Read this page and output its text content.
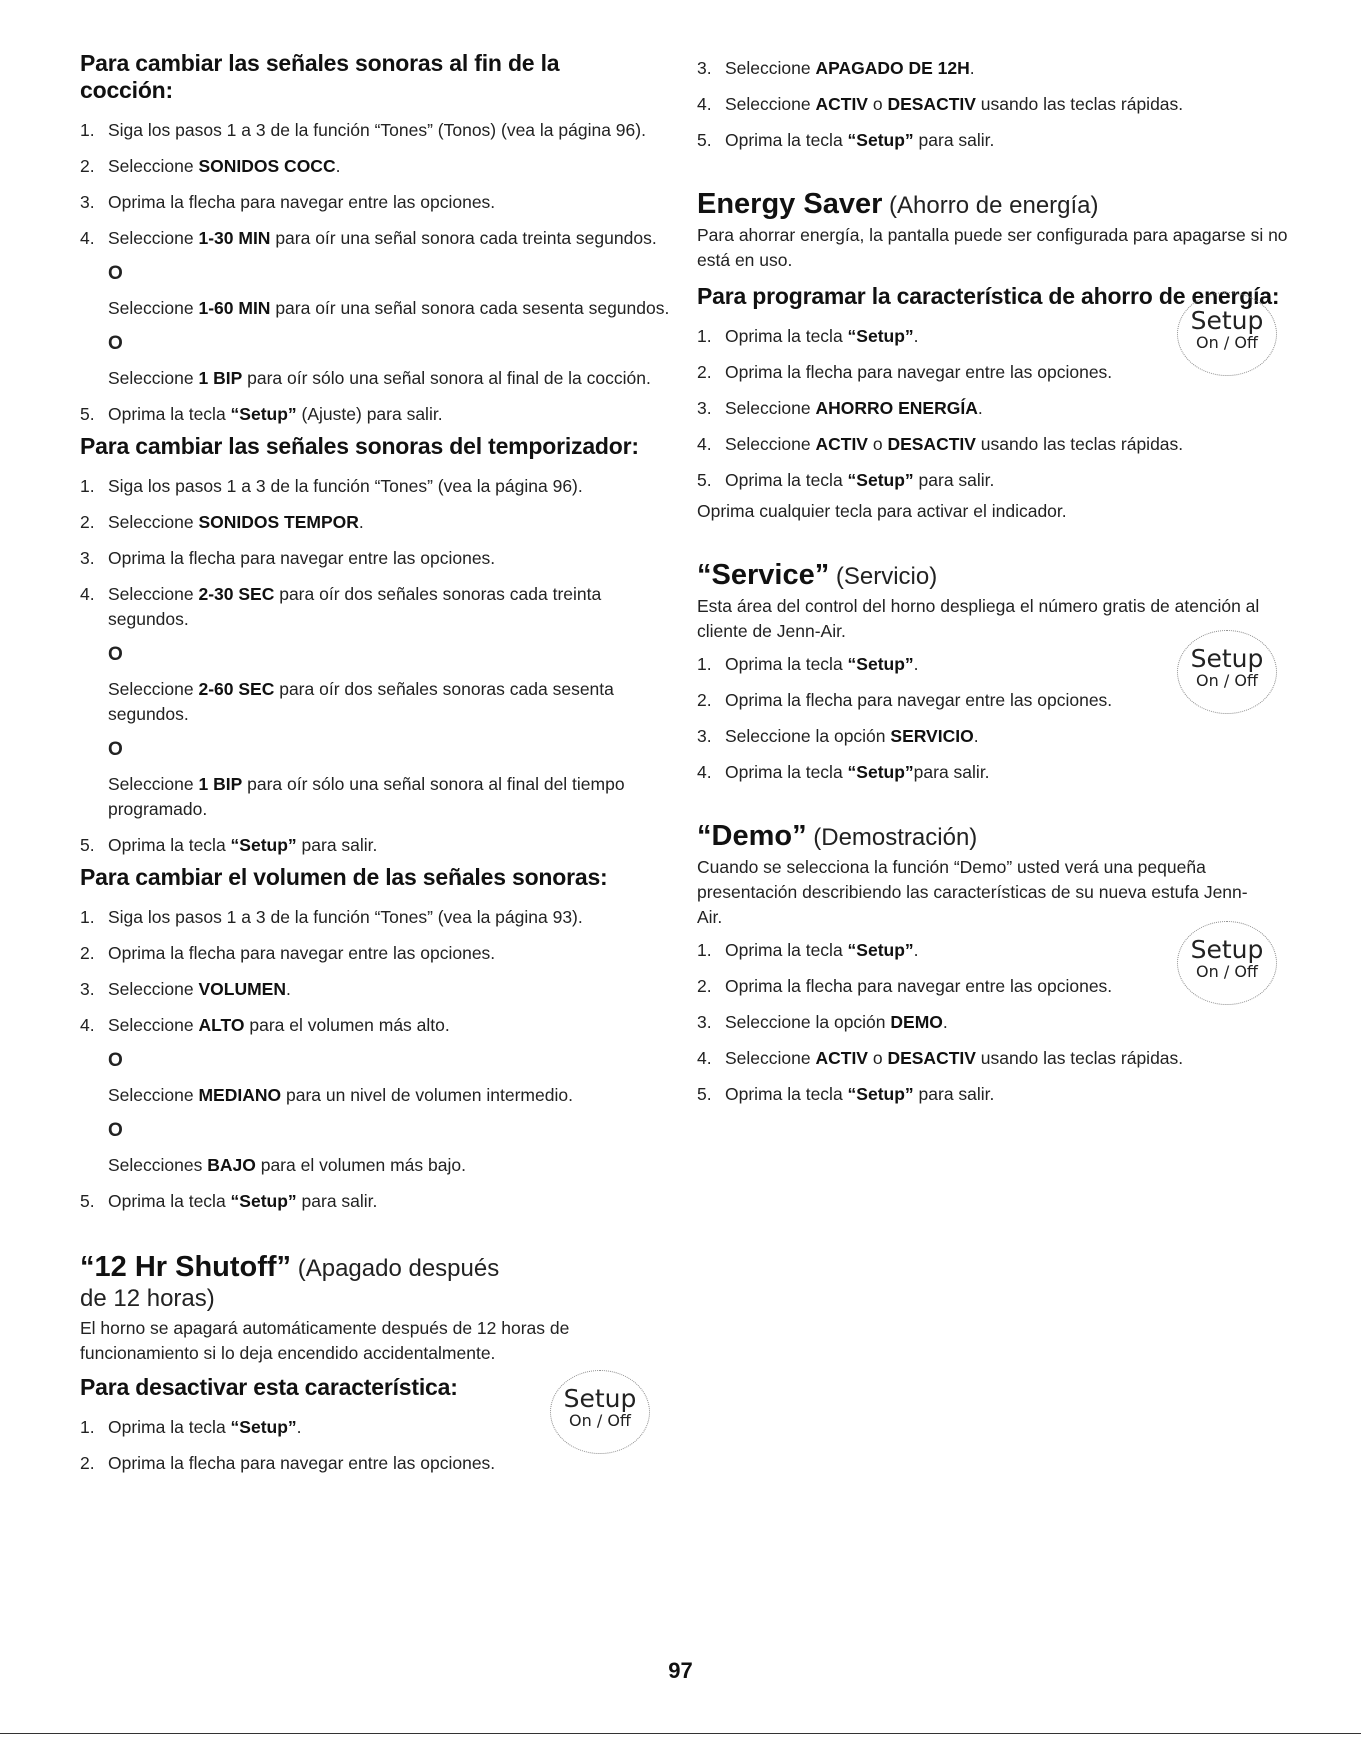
Para cambiar las señales sonoras al fin de la cocción:
1. Siga los pasos 1 a 3 de la función “Tones” (Tonos) (vea la página 96).
2. Seleccione SONIDOS COCC.
3. Oprima la flecha para navegar entre las opciones.
4. Seleccione 1-30 MIN para oír una señal sonora cada treinta segundos.
O
Seleccione 1-60 MIN para oír una señal sonora cada sesenta segundos.
O
Seleccione 1 BIP para oír sólo una señal sonora al final de la cocción.
5. Oprima la tecla “Setup” (Ajuste) para salir.
Para cambiar las señales sonoras del temporizador:
1. Siga los pasos 1 a 3 de la función “Tones” (vea la página 96).
2. Seleccione SONIDOS TEMPOR.
3. Oprima la flecha para navegar entre las opciones.
4. Seleccione 2-30 SEC para oír dos señales sonoras cada treinta segundos.
O
Seleccione 2-60 SEC para oír dos señales sonoras cada sesenta segundos.
O
Seleccione 1 BIP para oír sólo una señal sonora al final del tiempo programado.
5. Oprima la tecla “Setup” para salir.
Para cambiar el volumen de las señales sonoras:
1. Siga los pasos 1 a 3 de la función “Tones” (vea la página 93).
2. Oprima la flecha para navegar entre las opciones.
3. Seleccione VOLUMEN.
4. Seleccione ALTO para el volumen más alto.
O
Seleccione MEDIANO para un nivel de volumen intermedio.
O
Selecciones BAJO para el volumen más bajo.
5. Oprima la tecla “Setup” para salir.
“12 Hr Shutoff” (Apagado después
de 12 horas)

El horno se apagará automáticamente después de 12 horas de funcionamiento si lo deja encendido accidentalmente.

Para desactivar esta característica:
1. Oprima la tecla “Setup”.
2. Oprima la flecha para navegar entre las opciones.
Setup
On / Off
3. Seleccione APAGADO DE 12H.
4. Seleccione ACTIV o DESACTIV usando las teclas rápidas.
5. Oprima la tecla “Setup” para salir.
Energy Saver (Ahorro de energía)

Para ahorrar energía, la pantalla puede ser configurada para apagarse si no está en uso.

Para programar la característica de ahorro de energía:
1. Oprima la tecla “Setup”.
2. Oprima la flecha para navegar entre las opciones.
3. Seleccione AHORRO ENERGÍA.
4. Seleccione ACTIV o DESACTIV usando las teclas rápidas.
5. Oprima la tecla “Setup” para salir.

Oprima cualquier tecla para activar el indicador.

Setup
On / Off
“Service” (Servicio)

Esta área del control del horno despliega el número gratis de atención al cliente de Jenn-Air.

1. Oprima la tecla “Setup”.
2. Oprima la flecha para navegar entre las opciones.
3. Seleccione la opción SERVICIO.
4. Oprima la tecla “Setup”para salir.
Setup
On / Off
“Demo” (Demostración)

Cuando se selecciona la función “Demo” usted verá una pequeña presentación describiendo las características de su nueva estufa Jenn-Air.

1. Oprima la tecla “Setup”.
2. Oprima la flecha para navegar entre las opciones.
3. Seleccione la opción DEMO.
4. Seleccione ACTIV o DESACTIV usando las teclas rápidas.
5. Oprima la tecla “Setup” para salir.
Setup
On / Off
97
